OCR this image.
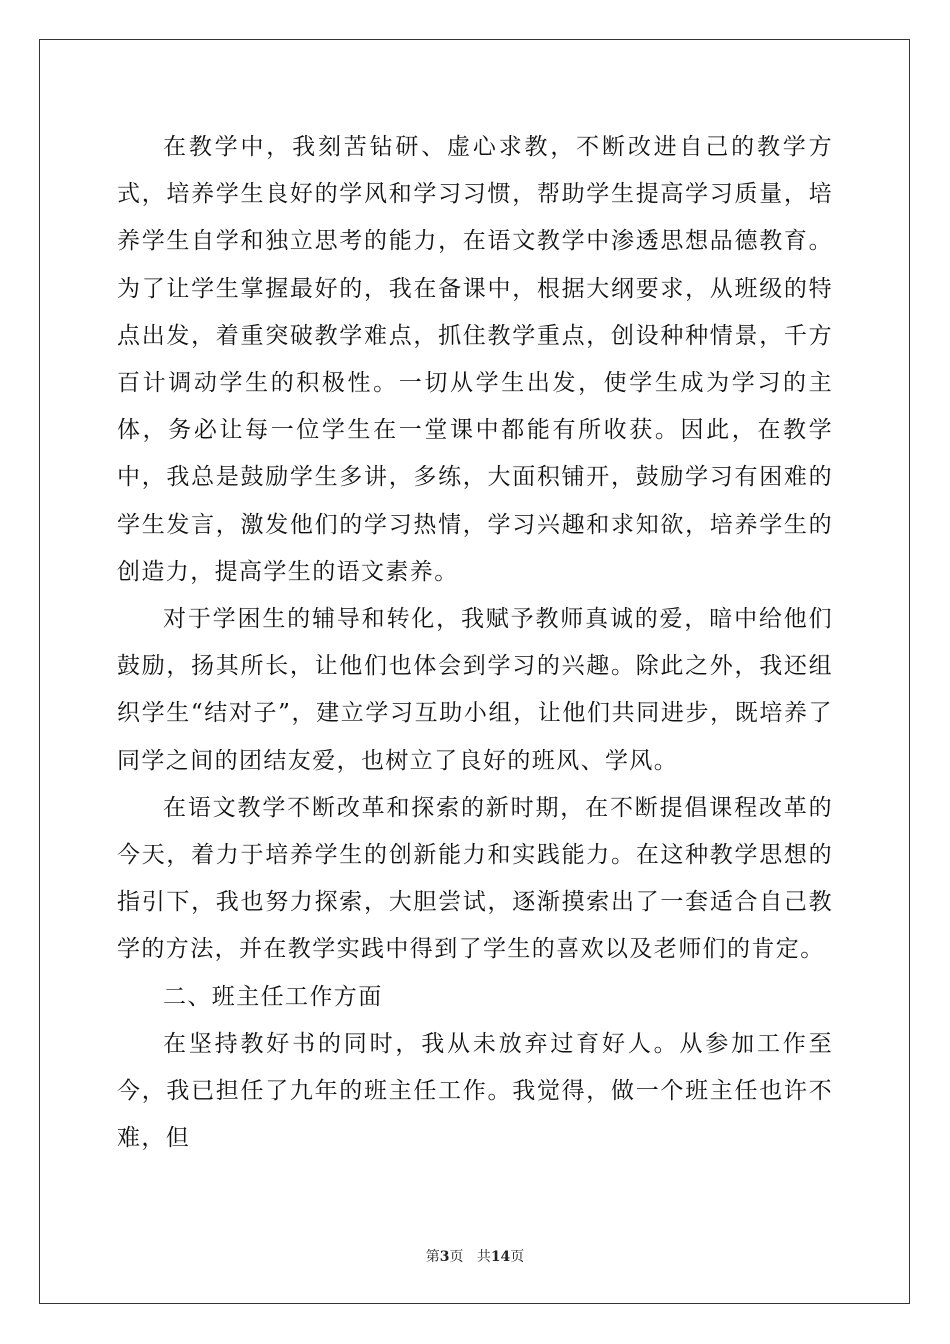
在教学中，我刻苦钻研、虚心求教，不断改进自己的教学方式，培养学生良好的学风和学习习惯，帮助学生提高学习质量，培养学生自学和独立思考的能力，在语文教学中渗透思想品德教育。为了让学生掌握最好的，我在备课中，根据大纲要求，从班级的特点出发，着重突破教学难点，抓住教学重点，创设种种情景，千方百计调动学生的积极性。一切从学生出发，使学生成为学习的主体，务必让每一位学生在一堂课中都能有所收获。因此，在教学中，我总是鼓励学生多讲，多练，大面积铺开，鼓励学习有困难的学生发言，激发他们的学习热情，学习兴趣和求知欲，培养学生的创造力，提高学生的语文素养。

对于学困生的辅导和转化，我赋予教师真诚的爱，暗中给他们鼓励，扬其所长，让他们也体会到学习的兴趣。除此之外，我还组织学生“结对子”，建立学习互助小组，让他们共同进步，既培养了同学之间的团结友爱，也树立了良好的班风、学风。

在语文教学不断改革和探索的新时期，在不断提倡课程改革的今天，着力于培养学生的创新能力和实践能力。在这种教学思想的指引下，我也努力探索，大胆尝试，逐渐摸索出了一套适合自己教学的方法，并在教学实践中得到了学生的喜欢以及老师们的肯定。

二、班主任工作方面

在坚持教好书的同时，我从未放弃过育好人。从参加工作至今，我已担任了九年的班主任工作。我觉得，做一个班主任也许不难，但

第3页 共14页
